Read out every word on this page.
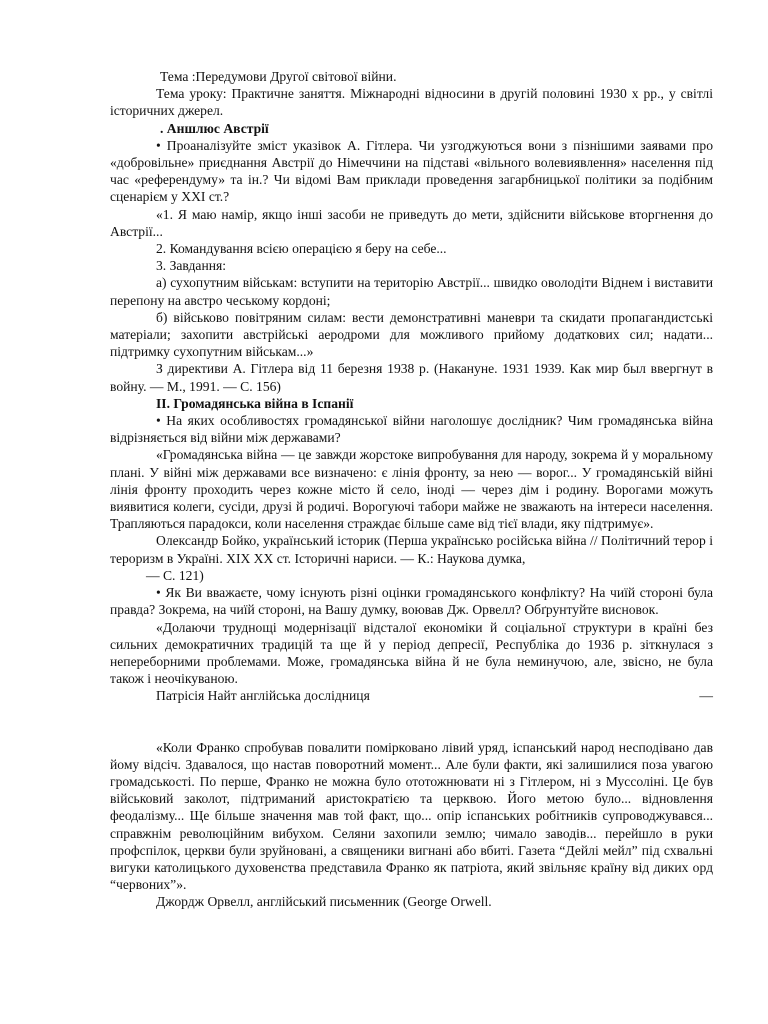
Тема :Передумови Другої світової війни.

Тема уроку: Практичне заняття. Міжнародні відносини в другій половині 1930 х рр., у світлі історичних джерел.

. Аншлюс Австрії

• Проаналізуйте зміст указівок А. Гітлера. Чи узгоджуються вони з пізнішими заявами про «добровільне» приєднання Австрії до Німеччини на підставі «вільного волевиявлення» населення під час «референдуму» та ін.? Чи відомі Вам приклади проведення загарбницької політики за подібним сценарієм у XXI ст.?

«1. Я маю намір, якщо інші засоби не приведуть до мети, здійснити військове вторгнення до Австрії...

2. Командування всією операцією я беру на себе...

3. Завдання:

а) сухопутним військам: вступити на територію Австрії... швидко оволодіти Віднем і виставити перепону на австро чеському кордоні;

б) військово повітряним силам: вести демонстративні маневри та скидати пропагандистські матеріали; захопити австрійські аеродроми для можливого прийому додаткових сил; надати... підтримку сухопутним військам...»

З директиви А. Гітлера від 11 березня 1938 р. (Накануне. 1931 1939. Как мир был ввергнут в войну. — М., 1991. — С. 156)

II. Громадянська війна в Іспанії

• На яких особливостях громадянської війни наголошує дослідник? Чим громадянська війна відрізняється від війни між державами?

«Громадянська війна — це завжди жорстоке випробування для народу, зокрема й у моральному плані. У війні між державами все визначено: є лінія фронту, за нею — ворог... У громадянській війні лінія фронту проходить через кожне місто й село, іноді — через дім і родину. Ворогами можуть виявитися колеги, сусіди, друзі й родичі. Ворогуючі табори майже не зважають на інтереси населення. Трапляються парадокси, коли населення страждає більше саме від тієї влади, яку підтримує».

Олександр Бойко, український історик (Перша українсько російська війна // Політичний терор і тероризм в Україні. XIX XX ст. Історичні нариси. — К.: Наукова думка,

— С. 121)

• Як Ви вважаєте, чому існують різні оцінки громадянського конфлікту? На чиїй стороні була правда? Зокрема, на чиїй стороні, на Вашу думку, воював Дж. Орвелл? Обґрунтуйте висновок.

«Долаючи труднощі модернізації відсталої економіки й соціальної структури в країні без сильних демократичних традицій та ще й у період депресії, Республіка до 1936 р. зіткнулася з непереборними проблемами. Може, громадянська війна й не була неминучою, але, звісно, не була також і неочікуваною.

Патрісія Найт англійська дослідниця	—

«Коли Франко спробував повалити помірковано лівий уряд, іспанський народ несподівано дав йому відсіч. Здавалося, що настав поворотний момент... Але були факти, які залишилися поза увагою громадськості. По перше, Франко не можна було ототожнювати ні з Гітлером, ні з Муссоліні. Це був військовий заколот, підтриманий аристократією та церквою. Його метою було... відновлення феодалізму... Ще більше значення мав той факт, що... опір іспанських робітників супроводжувався... справжнім революційним вибухом. Селяни захопили землю; чимало заводів... перейшло в руки профспілок, церкви були зруйновані, а священики вигнані або вбиті. Газета “Дейлі мейл” під схвальні вигуки католицького духовенства представила Франко як патріота, який звільняє країну від диких орд “червоних”».

Джордж Орвелл, англійський письменник (George Orwell.
